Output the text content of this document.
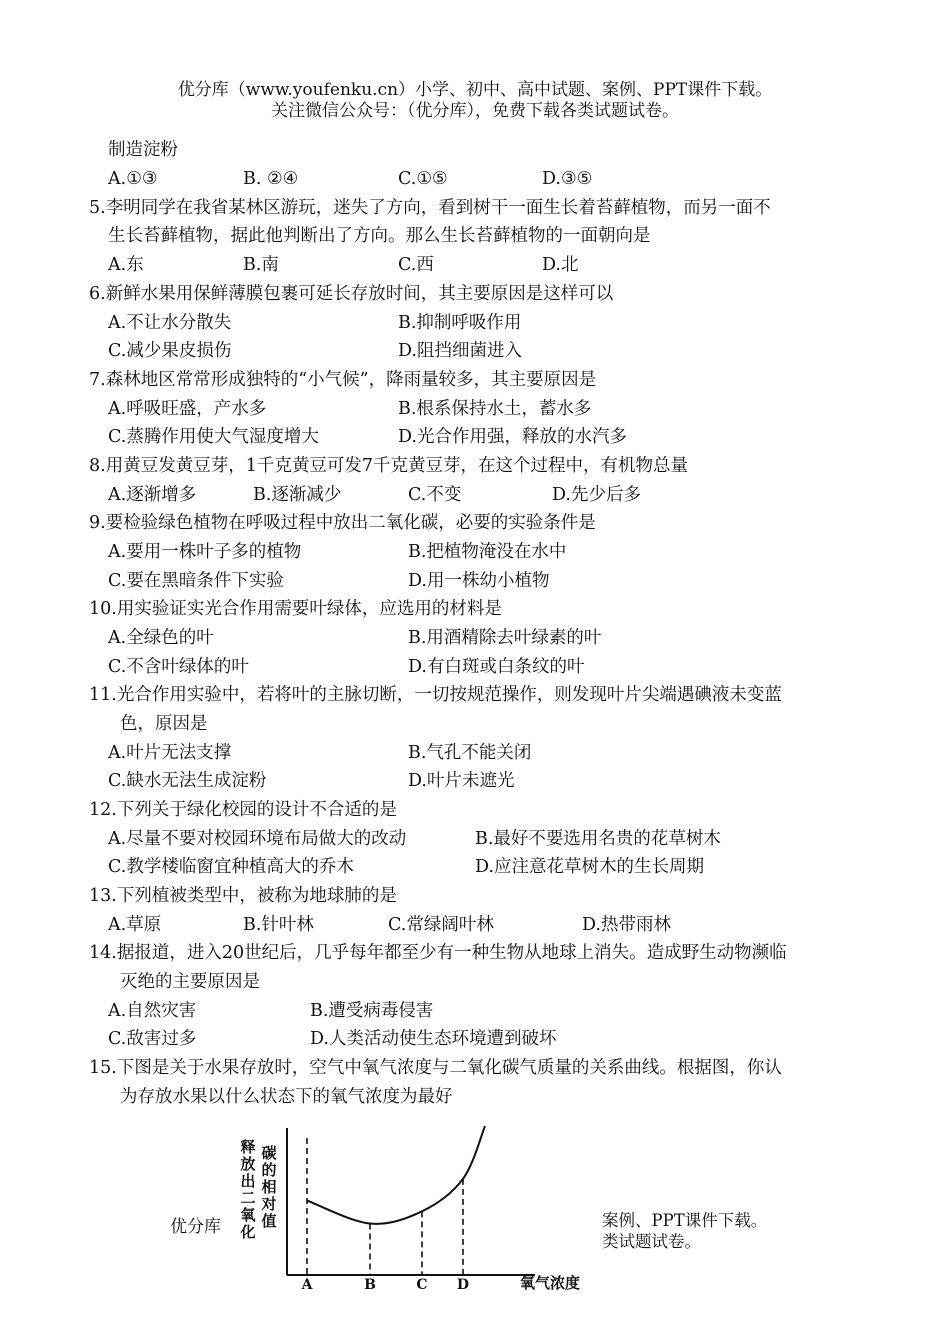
优分库（www.youfenku.cn）小学、初中、高中试题、案例、PPT课件下载。
关注微信公众号：（优分库），免费下载各类试题试卷。
制造淀粉
A.①③	B. ②④	C.①⑤	D.③⑤
5.李明同学在我省某林区游玩，迷失了方向，看到树干一面生长着苔藓植物，而另一面不
生长苔藓植物，据此他判断出了方向。那么生长苔藓植物的一面朝向是
A.东	B.南	C.西	D.北
6.新鲜水果用保鲜薄膜包裹可延长存放时间，其主要原因是这样可以
A.不让水分散失	B.抑制呼吸作用
C.减少果皮损伤	D.阻挡细菌进入
7.森林地区常常形成独特的“小气候”，降雨量较多，其主要原因是
A.呼吸旺盛，产水多	B.根系保持水土，蓄水多
C.蒸腾作用使大气湿度增大	D.光合作用强，释放的水汽多
8.用黄豆发黄豆芽，1千克黄豆可发7千克黄豆芽，在这个过程中，有机物总量
A.逐渐增多	B.逐渐减少	C.不变	D.先少后多
9.要检验绿色植物在呼吸过程中放出二氧化碳，必要的实验条件是
A.要用一株叶子多的植物	B.把植物淹没在水中
C.要在黑暗条件下实验	D.用一株幼小植物
10.用实验证实光合作用需要叶绿体，应选用的材料是
A.全绿色的叶	B.用酒精除去叶绿素的叶
C.不含叶绿体的叶	D.有白斑或白条纹的叶
11.光合作用实验中，若将叶的主脉切断，一切按规范操作，则发现叶片尖端遇碘液未变蓝
色，原因是
A.叶片无法支撑	B.气孔不能关闭
C.缺水无法生成淀粉	D.叶片未遮光
12.下列关于绿化校园的设计不合适的是
A.尽量不要对校园环境布局做大的改动	B.最好不要选用名贵的花草树木
C.教学楼临窗宜种植高大的乔木	D.应注意花草树木的生长周期
13.下列植被类型中，被称为地球肺的是
A.草原	B.针叶林	C.常绿阔叶林	D.热带雨林
14.据报道，进入20世纪后，几乎每年都至少有一种生物从地球上消失。造成野生动物濒临
灭绝的主要原因是
A.自然灾害	B.遭受病毒侵害
C.敌害过多	D.人类活动使生态环境遭到破坏
15.下图是关于水果存放时，空气中氧气浓度与二氧化碳气质量的关系曲线。根据图，你认
为存放水果以什么状态下的氧气浓度为最好
优分库	案例、PPT课件下载。
类试题试卷。
释
放
出
二
氧
化
碳
的
相
对
值
A	B	C D	氧气浓度
